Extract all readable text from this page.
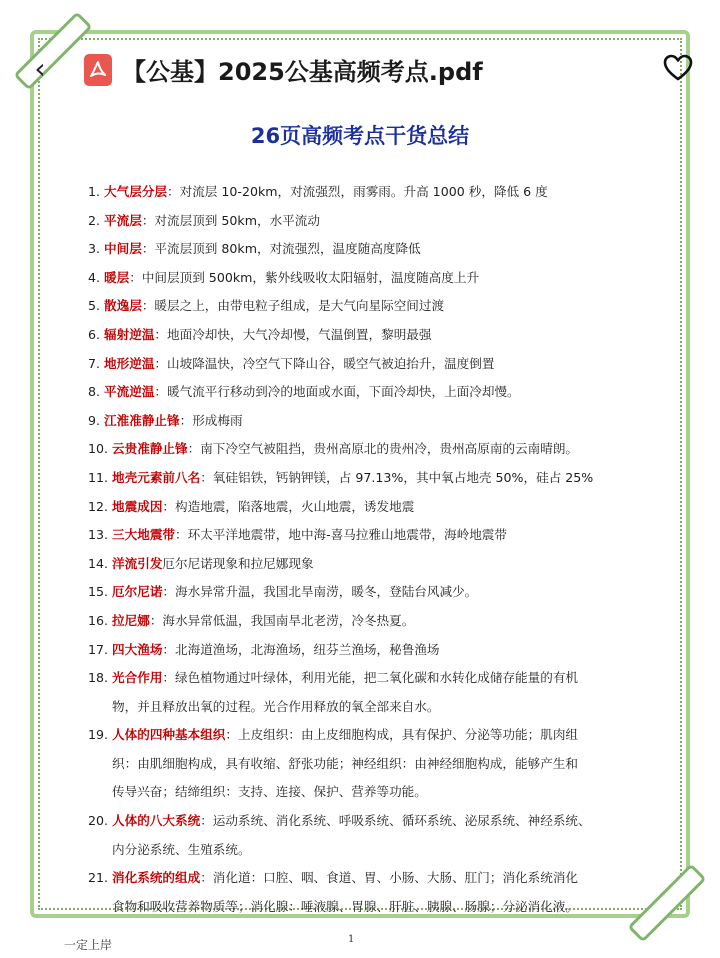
‹	【公基】2025公基高频考点.pdf
26页高频考点干货总结
1. 大气层分层：对流层 10-20km，对流强烈，雨雾雨。升高 1000 秒，降低 6 度
2. 平流层：对流层顶到 50km，水平流动
3. 中间层：平流层顶到 80km，对流强烈，温度随高度降低
4. 暖层：中间层顶到 500km，紫外线吸收太阳辐射，温度随高度上升
5. 散逸层：暖层之上，由带电粒子组成，是大气向星际空间过渡
6. 辐射逆温：地面冷却快，大气冷却慢，气温倒置，黎明最强
7. 地形逆温：山坡降温快，冷空气下降山谷，暖空气被迫抬升，温度倒置
8. 平流逆温：暖气流平行移动到冷的地面或水面，下面冷却快，上面冷却慢。
9. 江淮准静止锋：形成梅雨
10. 云贵准静止锋：南下冷空气被阻挡，贵州高原北的贵州冷，贵州高原南的云南晴朗。
11. 地壳元素前八名：氧硅铝铁，钙钠钾镁，占 97.13%，其中氧占地壳 50%，硅占 25%
12. 地震成因：构造地震，陷落地震，火山地震，诱发地震
13. 三大地震带：环太平洋地震带，地中海-喜马拉雅山地震带，海岭地震带
14. 洋流引发厄尔尼诺现象和拉尼娜现象
15. 厄尔尼诺：海水异常升温，我国北旱南涝，暖冬，登陆台风减少。
16. 拉尼娜：海水异常低温，我国南旱北老涝，冷冬热夏。
17. 四大渔场：北海道渔场，北海渔场，纽芬兰渔场，秘鲁渔场
18. 光合作用：绿色植物通过叶绿体，利用光能，把二氧化碳和水转化成储存能量的有机
物，并且释放出氧的过程。光合作用释放的氧全部来自水。
19. 人体的四种基本组织：上皮组织：由上皮细胞构成，具有保护、分泌等功能；肌肉组
织：由肌细胞构成，具有收缩、舒张功能；神经组织：由神经细胞构成，能够产生和
传导兴奋；结缔组织：支持、连接、保护、营养等功能。
20. 人体的八大系统：运动系统、消化系统、呼吸系统、循环系统、泌尿系统、神经系统、
内分泌系统、生殖系统。
21. 消化系统的组成：消化道：口腔、咽、食道、胃、小肠、大肠、肛门；消化系统消化
食物和吸收营养物质等；消化腺：唾液腺、胃腺、肝脏、胰腺、肠腺；分泌消化液。
一定上岸	1
